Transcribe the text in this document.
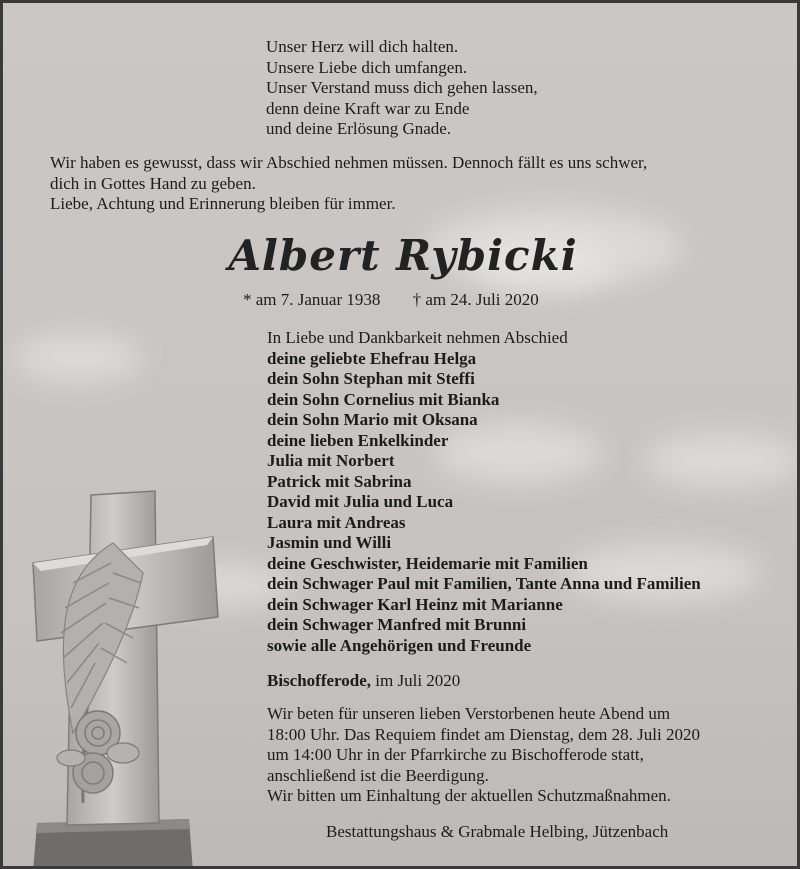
Unser Herz will dich halten.
Unsere Liebe dich umfangen.
Unser Verstand muss dich gehen lassen,
denn deine Kraft war zu Ende
und deine Erlösung Gnade.
Wir haben es gewusst, dass wir Abschied nehmen müssen. Dennoch fällt es uns schwer,
dich in Gottes Hand zu geben.
Liebe, Achtung und Erinnerung bleiben für immer.
Albert Rybicki
* am 7. Januar 1938 † am 24. Juli 2020
In Liebe und Dankbarkeit nehmen Abschied
deine geliebte Ehefrau Helga
dein Sohn Stephan mit Steffi
dein Sohn Cornelius mit Bianka
dein Sohn Mario mit Oksana
deine lieben Enkelkinder
Julia mit Norbert
Patrick mit Sabrina
David mit Julia und Luca
Laura mit Andreas
Jasmin und Willi
deine Geschwister, Heidemarie mit Familien
dein Schwager Paul mit Familien, Tante Anna und Familien
dein Schwager Karl Heinz mit Marianne
dein Schwager Manfred mit Brunni
sowie alle Angehörigen und Freunde
Bischofferode, im Juli 2020
Wir beten für unseren lieben Verstorbenen heute Abend um
18:00 Uhr. Das Requiem findet am Dienstag, dem 28. Juli 2020
um 14:00 Uhr in der Pfarrkirche zu Bischofferode statt,
anschließend ist die Beerdigung.
Wir bitten um Einhaltung der aktuellen Schutzmaßnahmen.
Bestattungshaus & Grabmale Helbing, Jützenbach
